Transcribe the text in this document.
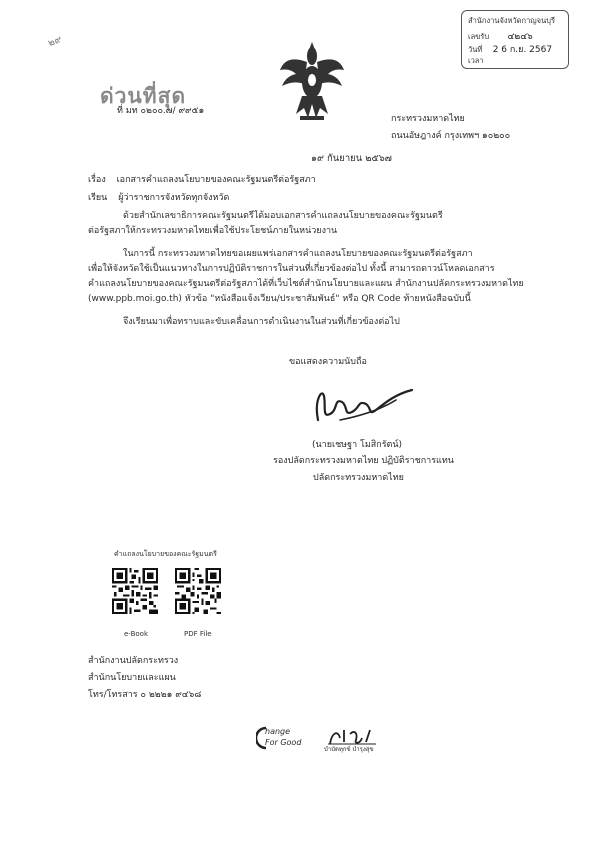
๒๙
ด่วนที่สุด
ที่ มท ๐๒๐๐.๗/ ๙๙๕๑
สำนักงานจังหวัดกาญจนบุรี
เลขรับ ๔๒๔๖
วันที่ 2 6 ก.ย. 2567
เวลา
กระทรวงมหาดไทย
ถนนอัษฎางค์ กรุงเทพฯ ๑๐๒๐๐
๑๙ กันยายน ๒๕๖๗
เรื่อง เอกสารคำแถลงนโยบายของคณะรัฐมนตรีต่อรัฐสภา
เรียน ผู้ว่าราชการจังหวัดทุกจังหวัด
ด้วยสำนักเลขาธิการคณะรัฐมนตรีได้มอบเอกสารคำแถลงนโยบายของคณะรัฐมนตรี
ต่อรัฐสภาให้กระทรวงมหาดไทยเพื่อใช้ประโยชน์ภายในหน่วยงาน
ในการนี้ กระทรวงมหาดไทยขอเผยแพร่เอกสารคำแถลงนโยบายของคณะรัฐมนตรีต่อรัฐสภา
เพื่อให้จังหวัดใช้เป็นแนวทางในการปฏิบัติราชการในส่วนที่เกี่ยวข้องต่อไป ทั้งนี้ สามารถดาวน์โหลดเอกสาร
คำแถลงนโยบายของคณะรัฐมนตรีต่อรัฐสภาได้ที่เว็บไซต์สำนักนโยบายและแผน สำนักงานปลัดกระทรวงมหาดไทย
(www.ppb.moi.go.th) หัวข้อ "หนังสือแจ้งเวียน/ประชาสัมพันธ์" หรือ QR Code ท้ายหนังสือฉบับนี้
จึงเรียนมาเพื่อทราบและขับเคลื่อนการดำเนินงานในส่วนที่เกี่ยวข้องต่อไป
ขอแสดงความนับถือ
(นายเชษฐา โมสิกรัตน์)
รองปลัดกระทรวงมหาดไทย ปฏิบัติราชการแทน
ปลัดกระทรวงมหาดไทย
คำแถลงนโยบายของคณะรัฐมนตรี
e-Book	PDF File
สำนักงานปลัดกระทรวง
สำนักนโยบายและแผน
โทร/โทรสาร ๐ ๒๒๒๑ ๙๔๖๘
hange
For Good
บำบัดทุกข์ บำรุงสุข
